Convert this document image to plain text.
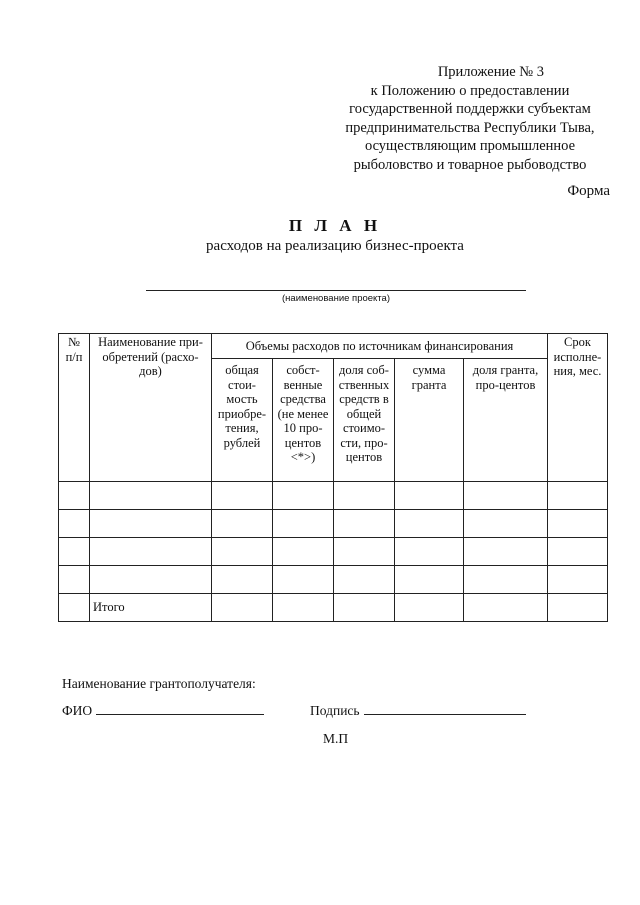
Приложение № 3
к Положению о предоставлении
государственной поддержки субъектам
предпринимательства Республики Тыва,
осуществляющим промышленное
рыболовство и товарное рыбоводство
Форма
П Л А Н
расходов на реализацию бизнес-проекта
(наименование проекта)
№ п/п	Наименование при-обретений (расхо-дов)	Объемы расходов по источникам финансирования					Срок исполне-ния, мес.
		общая стои-мость приобре-тения, рублей	собст-венные средства (не менее 10 про-центов <*>)	доля соб-ственных средств в общей стоимо-сти, про-центов	сумма гранта	доля гранта, про-центов	

	Итого						
Наименование грантополучателя:
ФИО	Подпись
М.П
